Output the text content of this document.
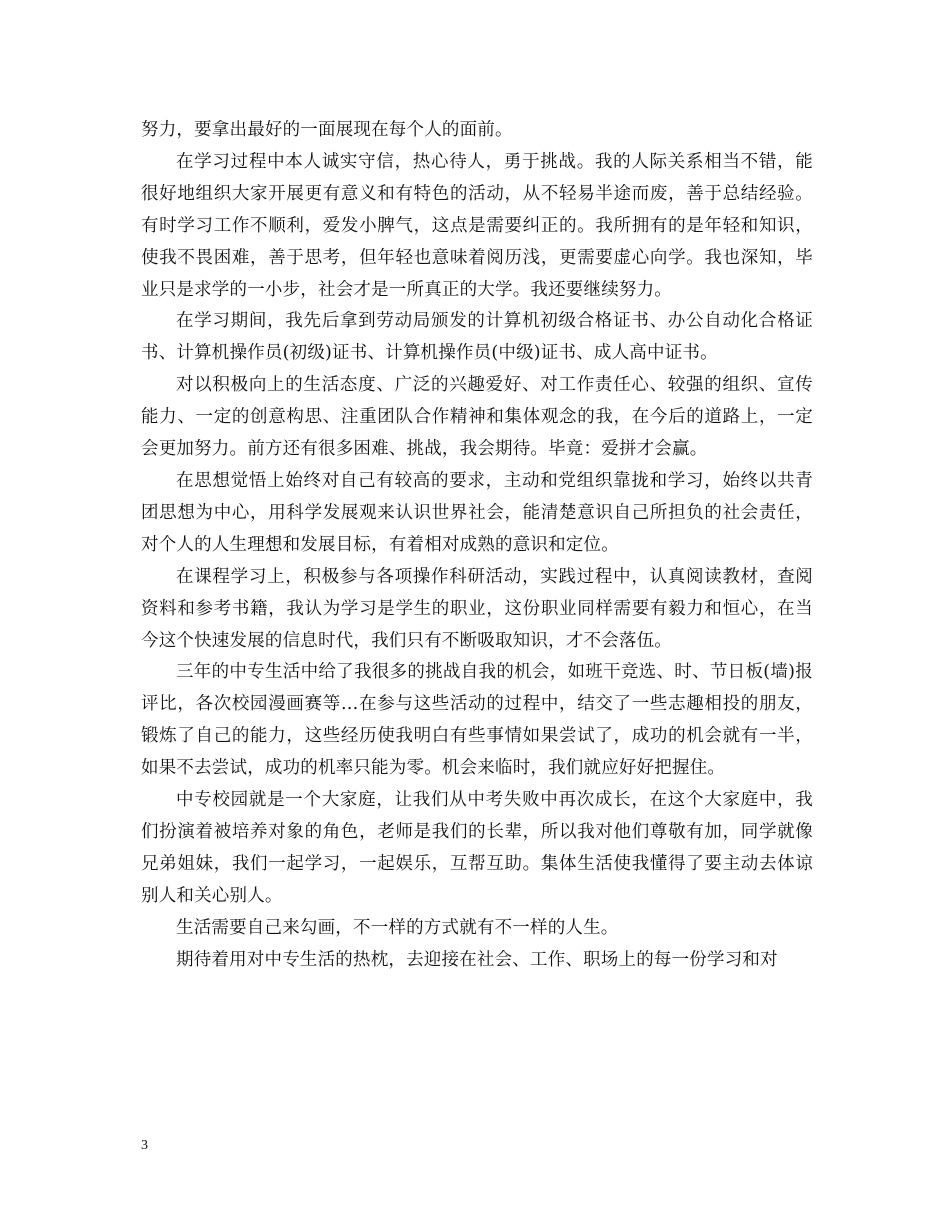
努力，要拿出最好的一面展现在每个人的面前。

在学习过程中本人诚实守信，热心待人，勇于挑战。我的人际关系相当不错，能很好地组织大家开展更有意义和有特色的活动，从不轻易半途而废，善于总结经验。有时学习工作不顺利，爱发小脾气，这点是需要纠正的。我所拥有的是年轻和知识，使我不畏困难，善于思考，但年轻也意味着阅历浅，更需要虚心向学。我也深知，毕业只是求学的一小步，社会才是一所真正的大学。我还要继续努力。

在学习期间，我先后拿到劳动局颁发的计算机初级合格证书、办公自动化合格证书、计算机操作员(初级)证书、计算机操作员(中级)证书、成人高中证书。

对以积极向上的生活态度、广泛的兴趣爱好、对工作责任心、较强的组织、宣传能力、一定的创意构思、注重团队合作精神和集体观念的我，在今后的道路上，一定会更加努力。前方还有很多困难、挑战，我会期待。毕竟：爱拼才会赢。

在思想觉悟上始终对自己有较高的要求，主动和党组织靠拢和学习，始终以共青团思想为中心，用科学发展观来认识世界社会，能清楚意识自己所担负的社会责任，对个人的人生理想和发展目标，有着相对成熟的意识和定位。

在课程学习上，积极参与各项操作科研活动，实践过程中，认真阅读教材，查阅资料和参考书籍，我认为学习是学生的职业，这份职业同样需要有毅力和恒心，在当今这个快速发展的信息时代，我们只有不断吸取知识，才不会落伍。

三年的中专生活中给了我很多的挑战自我的机会，如班干竞选、时、节日板(墙)报评比，各次校园漫画赛等…在参与这些活动的过程中，结交了一些志趣相投的朋友，锻炼了自己的能力，这些经历使我明白有些事情如果尝试了，成功的机会就有一半，如果不去尝试，成功的机率只能为零。机会来临时，我们就应好好把握住。

中专校园就是一个大家庭，让我们从中考失败中再次成长，在这个大家庭中，我们扮演着被培养对象的角色，老师是我们的长辈，所以我对他们尊敬有加，同学就像兄弟姐妹，我们一起学习，一起娱乐，互帮互助。集体生活使我懂得了要主动去体谅别人和关心别人。

生活需要自己来勾画，不一样的方式就有不一样的人生。

期待着用对中专生活的热枕，去迎接在社会、工作、职场上的每一份学习和对

3
